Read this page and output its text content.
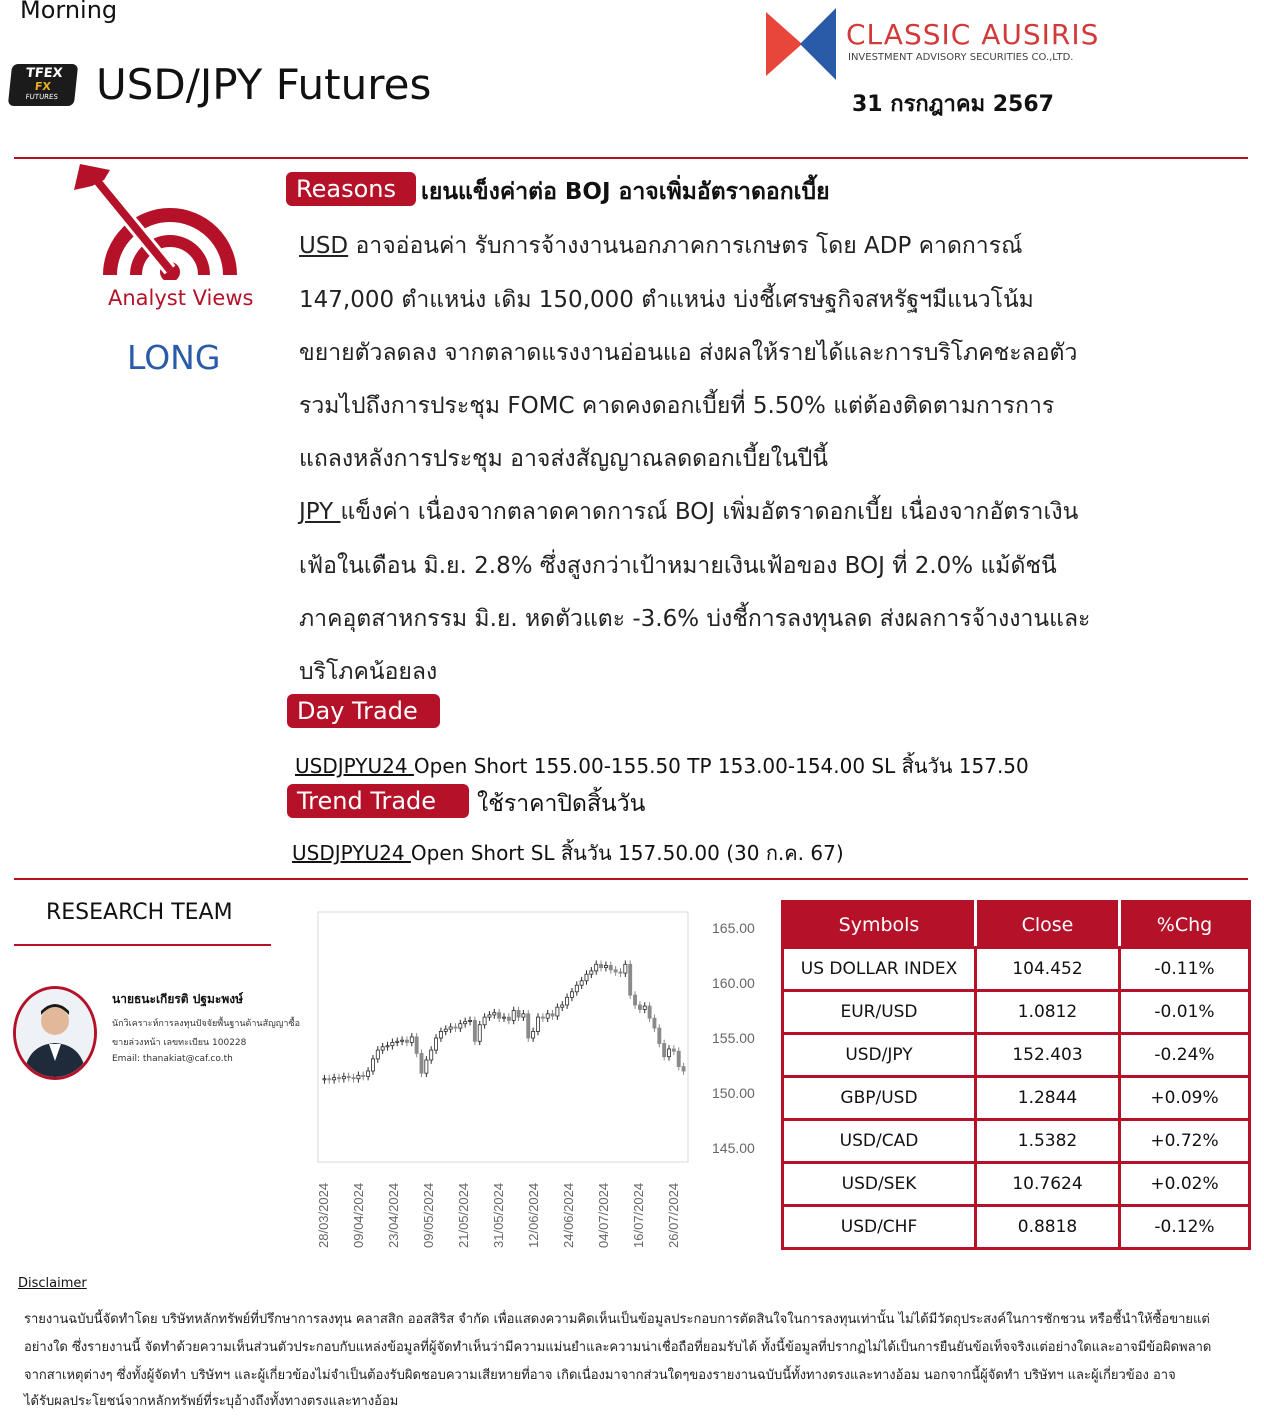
Morning
TFEX
FX
FUTURES USD/JPY Futures
CLASSIC AUSIRIS
INVESTMENT ADVISORY SECURITIES CO.,LTD.
31 กรกฎาคม 2567
Analyst Views
LONG
Reasons	เยนแข็งค่าต่อ BOJ อาจเพิ่มอัตราดอกเบี้ย
USD อาจอ่อนค่า รับการจ้างงานนอกภาคการเกษตร โดย ADP คาดการณ์
147,000 ตำแหน่ง เดิม 150,000 ตำแหน่ง บ่งชี้เศรษฐกิจสหรัฐฯมีแนวโน้ม
ขยายตัวลดลง จากตลาดแรงงานอ่อนแอ ส่งผลให้รายได้และการบริโภคชะลอตัว
รวมไปถึงการประชุม FOMC คาดคงดอกเบี้ยที่ 5.50% แต่ต้องติดตามการการ
แถลงหลังการประชุม อาจส่งสัญญาณลดดอกเบี้ยในปีนี้
JPY แข็งค่า เนื่องจากตลาดคาดการณ์ BOJ เพิ่มอัตราดอกเบี้ย เนื่องจากอัตราเงิน
เฟ้อในเดือน มิ.ย. 2.8% ซึ่งสูงกว่าเป้าหมายเงินเฟ้อของ BOJ ที่ 2.0% แม้ดัชนี
ภาคอุตสาหกรรม มิ.ย. หดตัวแตะ -3.6% บ่งชี้การลงทุนลด ส่งผลการจ้างงานและ
บริโภคน้อยลง
Day Trade
USDJPYU24 Open Short 155.00-155.50 TP 153.00-154.00 SL สิ้นวัน 157.50
Trend Trade	ใช้ราคาปิดสิ้นวัน
USDJPYU24 Open Short SL สิ้นวัน 157.50.00 (30 ก.ค. 67)
RESEARCH TEAM
นายธนะเกียรติ ปฐมะพงษ์
นักวิเคราะห์การลงทุนปัจจัยพื้นฐานด้านสัญญาซื้อ
ขายล่วงหน้า เลขทะเบียน 100228
Email: thanakiat@caf.co.th
165.00
160.00
155.00
150.00
145.00
28/03/2024 09/04/2024 23/04/2024 09/05/2024 21/05/2024 31/05/2024 12/06/2024 24/06/2024 04/07/2024 16/07/2024 26/07/2024
Symbols	Close	%Chg
US DOLLAR INDEX	104.452	-0.11%
EUR/USD	1.0812	-0.01%
USD/JPY	152.403	-0.24%
GBP/USD	1.2844	+0.09%
USD/CAD	1.5382	+0.72%
USD/SEK	10.7624	+0.02%
USD/CHF	0.8818	-0.12%
Disclaimer
รายงานฉบับนี้จัดทำโดย บริษัทหลักทรัพย์ที่ปรึกษาการลงทุน คลาสสิก ออสสิริส จำกัด เพื่อแสดงความคิดเห็นเป็นข้อมูลประกอบการตัดสินใจในการลงทุนเท่านั้น ไม่ได้มีวัตถุประสงค์ในการชักชวน หรือชี้นำให้ซื้อขายแต่
อย่างใด ซึ่งรายงานนี้ จัดทำด้วยความเห็นส่วนตัวประกอบกับแหล่งข้อมูลที่ผู้จัดทำเห็นว่ามีความแม่นยำและความน่าเชื่อถือที่ยอมรับได้ ทั้งนี้ข้อมูลที่ปรากฏไม่ได้เป็นการยืนยันข้อเท็จจริงแต่อย่างใดและอาจมีข้อผิดพลาด
จากสาเหตุต่างๆ ซึ่งทั้งผู้จัดทำ บริษัทฯ และผู้เกี่ยวข้องไม่จำเป็นต้องรับผิดชอบความเสียหายที่อาจ เกิดเนื่องมาจากส่วนใดๆของรายงานฉบับนี้ทั้งทางตรงและทางอ้อม นอกจากนี้ผู้จัดทำ บริษัทฯ และผู้เกี่ยวข้อง อาจ
ได้รับผลประโยชน์จากหลักทรัพย์ที่ระบุอ้างถึงทั้งทางตรงและทางอ้อม
